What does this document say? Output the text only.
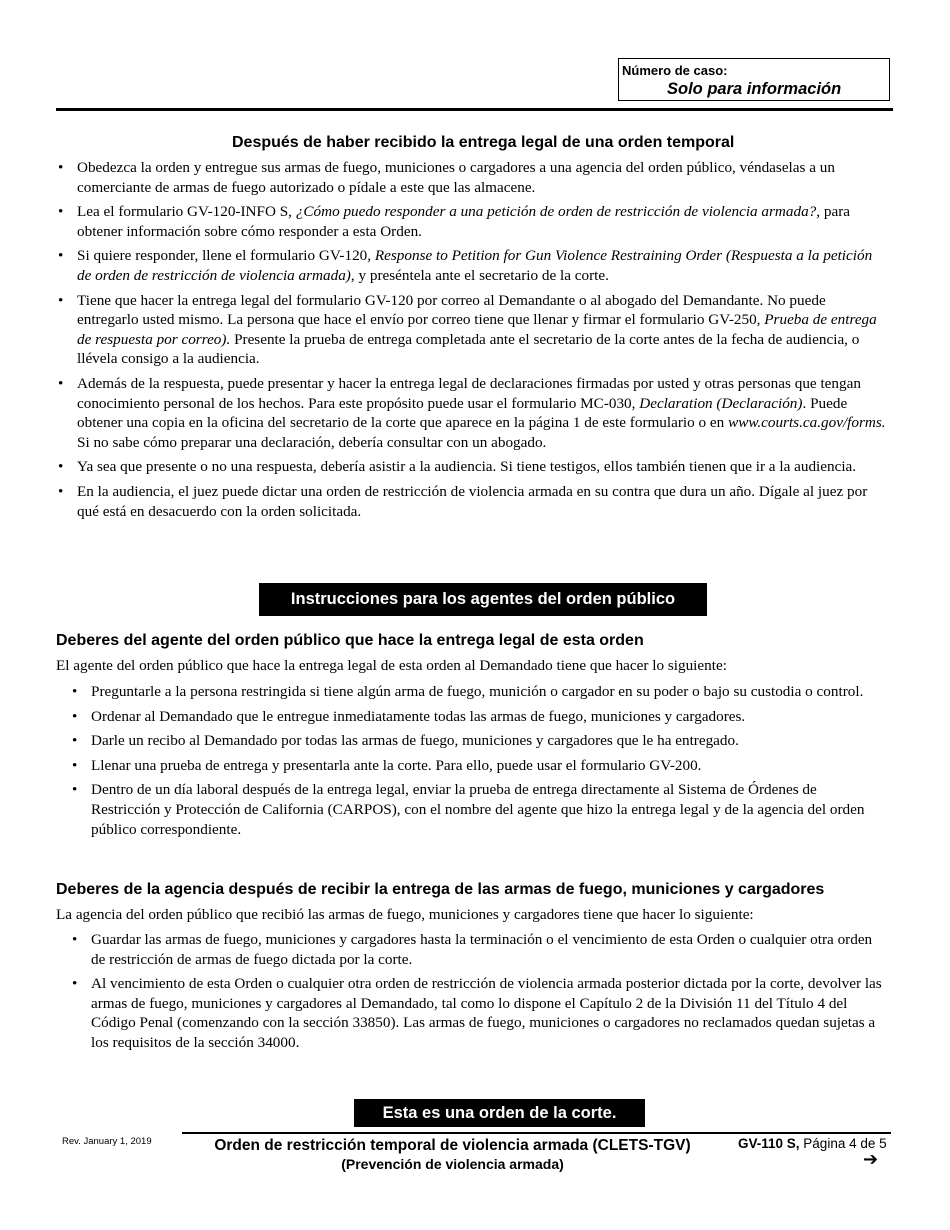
Número de caso:
Solo para información
Después de haber recibido la entrega legal de una orden temporal
• Obedezca la orden y entregue sus armas de fuego, municiones o cargadores a una agencia del orden público, véndaselas a un comerciante de armas de fuego autorizado o pídale a este que las almacene.
• Lea el formulario GV-120-INFO S, ¿Cómo puedo responder a una petición de orden de restricción de violencia armada?, para obtener información sobre cómo responder a esta Orden.
• Si quiere responder, llene el formulario GV-120, Response to Petition for Gun Violence Restraining Order (Respuesta a la petición de orden de restricción de violencia armada), y preséntela ante el secretario de la corte.
• Tiene que hacer la entrega legal del formulario GV-120 por correo al Demandante o al abogado del Demandante. No puede entregarlo usted mismo. La persona que hace el envío por correo tiene que llenar y firmar el formulario GV-250, Prueba de entrega de respuesta por correo). Presente la prueba de entrega completada ante el secretario de la corte antes de la fecha de audiencia, o llévela consigo a la audiencia.
• Además de la respuesta, puede presentar y hacer la entrega legal de declaraciones firmadas por usted y otras personas que tengan conocimiento personal de los hechos. Para este propósito puede usar el formulario MC-030, Declaration (Declaración). Puede obtener una copia en la oficina del secretario de la corte que aparece en la página 1 de este formulario o en www.courts.ca.gov/forms. Si no sabe cómo preparar una declaración, debería consultar con un abogado.
• Ya sea que presente o no una respuesta, debería asistir a la audiencia. Si tiene testigos, ellos también tienen que ir a la audiencia.
• En la audiencia, el juez puede dictar una orden de restricción de violencia armada en su contra que dura un año. Dígale al juez por qué está en desacuerdo con la orden solicitada.
Instrucciones para los agentes del orden público
Deberes del agente del orden público que hace la entrega legal de esta orden
El agente del orden público que hace la entrega legal de esta orden al Demandado tiene que hacer lo siguiente:
• Preguntarle a la persona restringida si tiene algún arma de fuego, munición o cargador en su poder o bajo su custodia o control.
• Ordenar al Demandado que le entregue inmediatamente todas las armas de fuego, municiones y cargadores.
• Darle un recibo al Demandado por todas las armas de fuego, municiones y cargadores que le ha entregado.
• Llenar una prueba de entrega y presentarla ante la corte. Para ello, puede usar el formulario GV-200.
• Dentro de un día laboral después de la entrega legal, enviar la prueba de entrega directamente al Sistema de Órdenes de Restricción y Protección de California (CARPOS), con el nombre del agente que hizo la entrega legal y de la agencia del orden público correspondiente.
Deberes de la agencia después de recibir la entrega de las armas de fuego, municiones y cargadores
La agencia del orden público que recibió las armas de fuego, municiones y cargadores tiene que hacer lo siguiente:
• Guardar las armas de fuego, municiones y cargadores hasta la terminación o el vencimiento de esta Orden o cualquier otra orden de restricción de armas de fuego dictada por la corte.
• Al vencimiento de esta Orden o cualquier otra orden de restricción de violencia armada posterior dictada por la corte, devolver las armas de fuego, municiones y cargadores al Demandado, tal como lo dispone el Capítulo 2 de la División 11 del Título 4 del Código Penal (comenzando con la sección 33850). Las armas de fuego, municiones o cargadores no reclamados quedan sujetas a los requisitos de la sección 34000.
Esta es una orden de la corte.
Rev. January 1, 2019	Orden de restricción temporal de violencia armada (CLETS-TGV)
(Prevención de violencia armada)
GV-110 S, Página 4 de 5
➔
